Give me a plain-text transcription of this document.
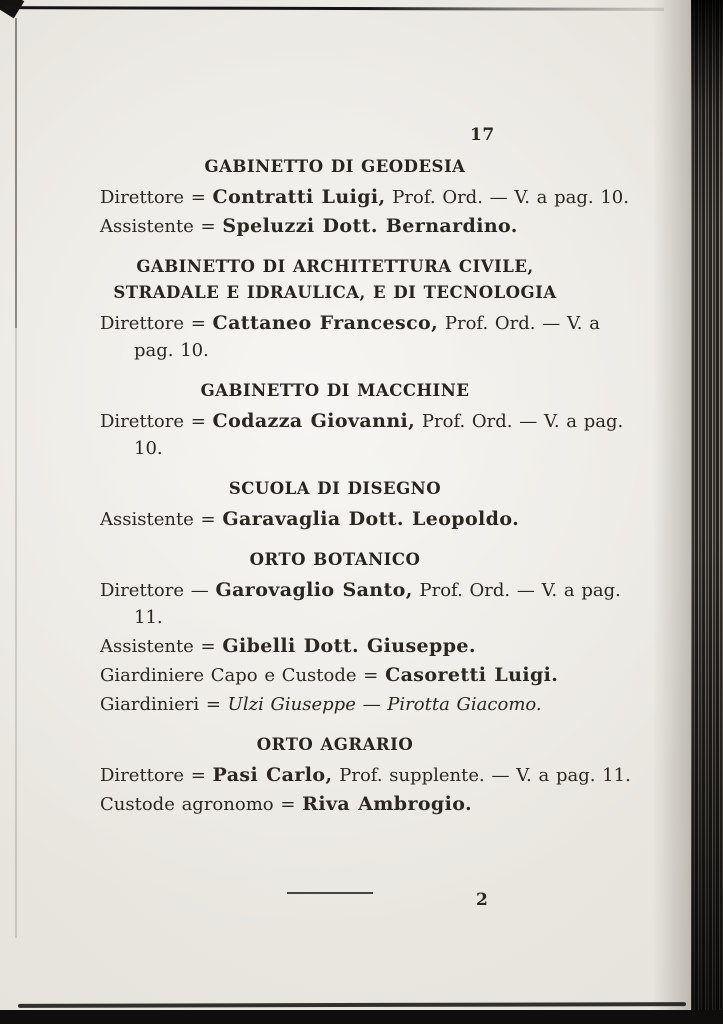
17
GABINETTO DI GEODESIA

Direttore = Contratti Luigi, Prof. Ord. — V. a pag. 10.

Assistente = Speluzzi Dott. Bernardino.

GABINETTO DI ARCHITETTURA CIVILE,
STRADALE E IDRAULICA, E DI TECNOLOGIA

Direttore = Cattaneo Francesco, Prof. Ord. — V. a pag. 10.

GABINETTO DI MACCHINE

Direttore = Codazza Giovanni, Prof. Ord. — V. a pag. 10.

SCUOLA DI DISEGNO

Assistente = Garavaglia Dott. Leopoldo.

ORTO BOTANICO

Direttore — Garovaglio Santo, Prof. Ord. — V. a pag. 11.

Assistente = Gibelli Dott. Giuseppe.

Giardiniere Capo e Custode = Casoretti Luigi.

Giardinieri = Ulzi Giuseppe — Pirotta Giacomo.

ORTO AGRARIO

Direttore = Pasi Carlo, Prof. supplente. — V. a pag. 11.

Custode agronomo = Riva Ambrogio.

2
